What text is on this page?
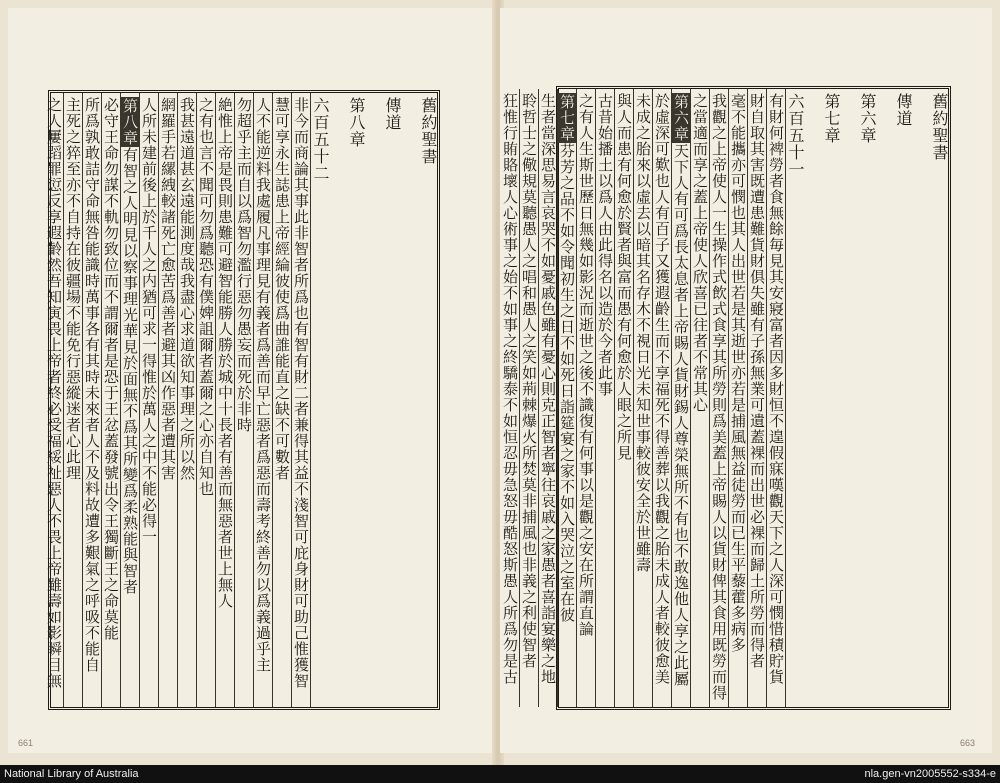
舊約聖書
傳道
第八章
六百五十二
非今而商論其事此非智者所爲也有智有財二者兼得其益不淺智可庇身財可助己惟獲智
慧可享永生誌患上帝經綸彼使爲曲誰能直之缺不可數者
人不能逆料我處履凡事理見有義者爲善而早亡惡者爲惡而壽考終善勿以爲義過乎主
勿超乎主而自以爲智勿濫行惡勿愚妄而死於非時
絶惟上帝是畏則患難可避智能勝人勝於城中十長者有善而無惡者世上無人
之有也言不聞可勿爲聽恐有僕婢詛爾者蓋爾之心亦自知也
我甚遠道甚玄遠能測度哉我盡心求道欲知事理之所以然
網羅手若縲絏較諸死亡愈苦爲善者避其凶作惡者遭其害
人所未建前後上於千人之内猶可求一得惟於萬人之中不能必得一
第八章有智之人明見以察事理光華見於面無不爲其所變爲柔熟能與智者
必守王命勿謀不軌勿致位而不謂爾者是恐于王忿蓋發號出令王獨斷王之命莫能
所爲孰敢詰守命無咎能識時萬事各有其時未來者人不及料故遭多艱氣之呼吸不能自
主死之猝至亦不自持在彼疆場不能免行惡縱迷者心此理
之人屢蹈罪愆反享遐齡然吾知寅畏上帝者終必受福綏祉惡人不畏上帝雖壽如影瞬目無
661
舊約聖書
傳道
第六章
第七章
六百五十一
有財何裨勞者食無餘毎見其安寢富者因多財恒不遑假寐嘆觀天下之人深可憫惜積貯貨
財自取其害既遭患難貨財俱失雖有子孫無業可遺蓋裸而出世必裸而歸土所勞而得者
毫不能攜亦可憫也其人出世若是其逝世亦若是捕風無益徒勞而已生平藜藿多病多
我觀之上帝使人一生操作式飲式食享其所勞則爲美蓋上帝賜人以貨財俾其食用既勞而得
之當適而享之蓋上帝使人欣喜已往者不常其心
第六章天下人有可爲長太息者上帝賜人貨財錫人尊榮無所不有也不敢逸他人享之此屬
於虛深可歎也人有百子又獲遐齡生而不享福死不得善葬以我觀之胎未成人者較彼愈美
未成之胎來以虛去以暗其名存木不視日光未知世事較彼安全於世雖壽
與人而患有何愈於賢者與富而愚有何愈於人眼之所見
古昔始播土以爲人由此得名以造於今者此事
之有人生斯世歷日無幾如影況而逝世之後不識復有何事以是觀之安在所謂直論
第七章芬芳之品不如令聞初生之日不如死日詣筵宴之家不如入哭泣之室在彼
生者當深思易言哀哭不如憂戚色雖有憂心則克正智者寧往哀戚之家愚者喜詣宴樂之地
聆哲士之儆規莫聽愚人之唱和愚人之笑如荊棘爆火所焚莫非捕風也非義之利使智者
狂惟行賄賂壞人心術事之始不如事之終驕泰不如恒忍毋急怒毋酷怒斯愚人所爲勿是古
663
National Library of Australia	nla.gen-vn2005552-s334-e
